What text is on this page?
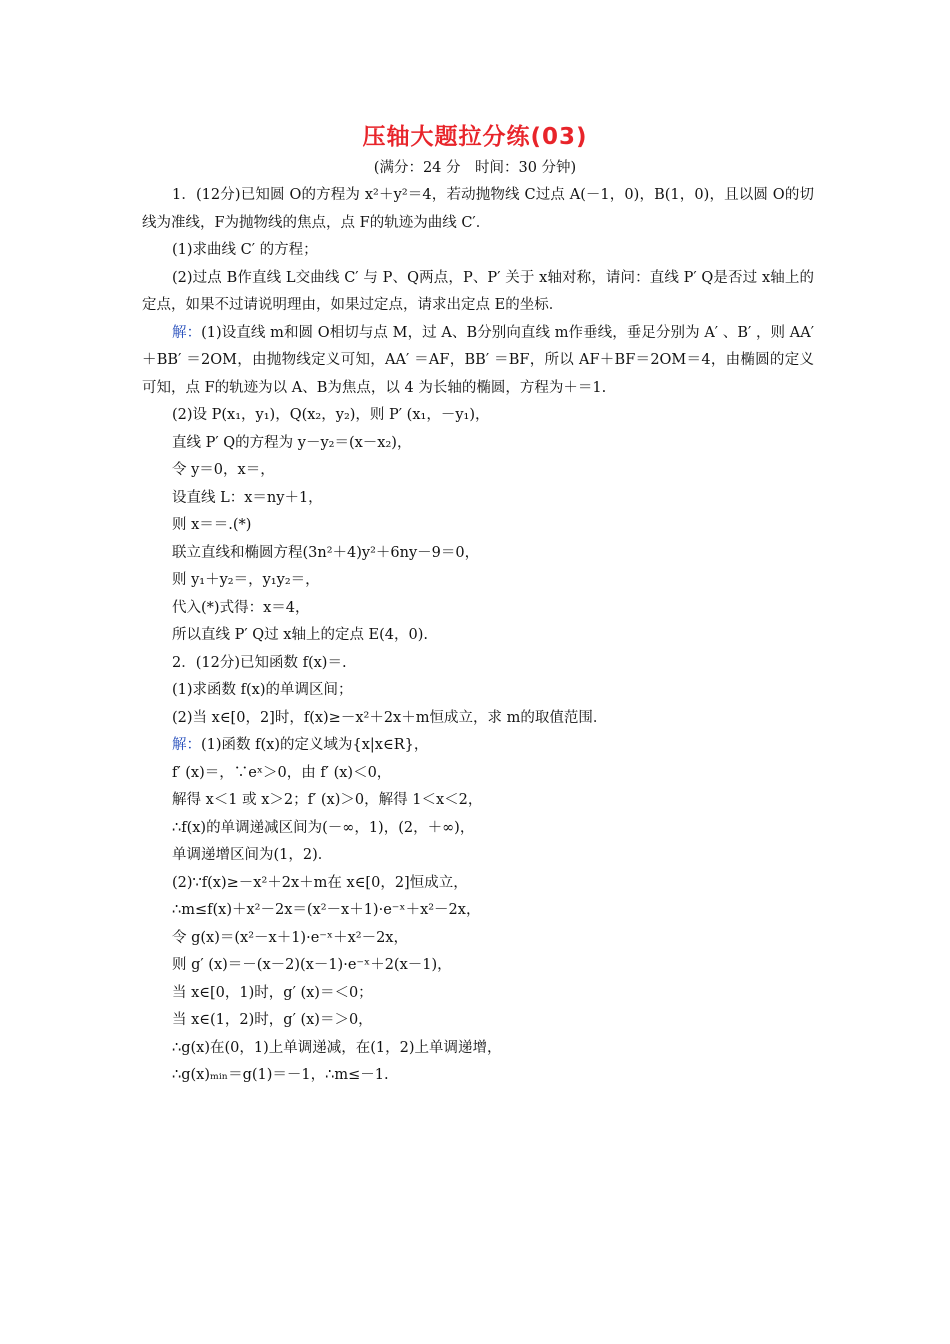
压轴大题拉分练(03)
(满分：24 分　时间：30 分钟)

1．(12分)已知圆 O的方程为 x²＋y²＝4，若动抛物线 C过点 A(－1，0)，B(1，0)，且以圆 O的切线为准线，F为抛物线的焦点，点 F的轨迹为曲线 C′．

(1)求曲线 C′ 的方程；

(2)过点 B作直线 L交曲线 C′ 与 P、Q两点，P、P′ 关于 x轴对称，请问：直线 P′ Q是否过 x轴上的定点，如果不过请说明理由，如果过定点，请求出定点 E的坐标．

解：(1)设直线 m和圆 O相切与点 M，过 A、B分别向直线 m作垂线，垂足分别为 A′ 、B′ ，则 AA′ ＋BB′ ＝2OM，由抛物线定义可知，AA′ ＝AF，BB′ ＝BF，所以 AF＋BF＝2OM＝4，由椭圆的定义可知，点 F的轨迹为以 A、B为焦点，以 4 为长轴的椭圆，方程为＋＝1.

(2)设 P(x₁，y₁)，Q(x₂，y₂)，则 P′ (x₁，－y₁)，

直线 P′ Q的方程为 y－y₂＝(x－x₂)，

令 y＝0，x＝，

设直线 L：x＝ny＋1，

则 x＝＝.(*)

联立直线和椭圆方程(3n²＋4)y²＋6ny－9＝0，

则 y₁＋y₂＝，y₁y₂＝，

代入(*)式得：x＝4，

所以直线 P′ Q过 x轴上的定点 E(4，0).

2．(12分)已知函数 f(x)＝.

(1)求函数 f(x)的单调区间；

(2)当 x∈[0，2]时，f(x)≥－x²＋2x＋m恒成立，求 m的取值范围．

解：(1)函数 f(x)的定义域为{x|x∈R}，

f′ (x)＝，∵eˣ＞0，由 f′ (x)＜0，

解得 x＜1 或 x＞2；f′ (x)＞0，解得 1＜x＜2，

∴f(x)的单调递减区间为(－∞，1)，(2，＋∞)，

单调递增区间为(1，2)．

(2)∵f(x)≥－x²＋2x＋m在 x∈[0，2]恒成立，

∴m≤f(x)＋x²－2x＝(x²－x＋1)·e⁻ˣ＋x²－2x，

令 g(x)＝(x²－x＋1)·e⁻ˣ＋x²－2x，

则 g′ (x)＝－(x－2)(x－1)·e⁻ˣ＋2(x－1)，

当 x∈[0，1)时，g′ (x)＝＜0；

当 x∈(1，2)时，g′ (x)＝＞0，

∴g(x)在(0，1)上单调递减，在(1，2)上单调递增，

∴g(x)ₘᵢₙ＝g(1)＝－1，∴m≤－1.
